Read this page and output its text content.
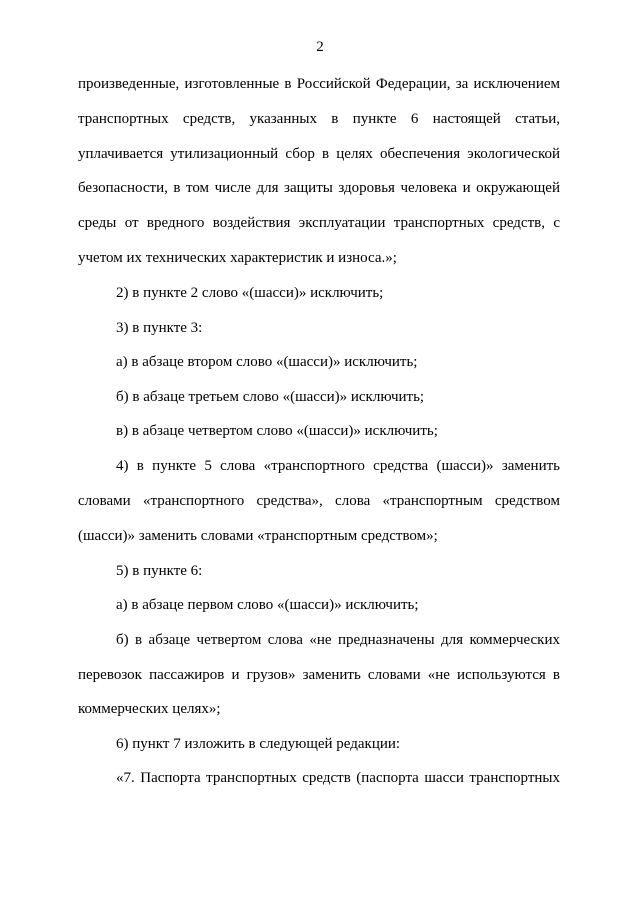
2
произведенные, изготовленные в Российской Федерации, за исключением
транспортных средств, указанных в пункте 6 настоящей статьи,
уплачивается утилизационный сбор в целях обеспечения экологической
безопасности, в том числе для защиты здоровья человека и окружающей
среды от вредного воздействия эксплуатации транспортных средств, с
учетом их технических характеристик и износа.»;
2) в пункте 2 слово «(шасси)» исключить;
3) в пункте 3:
а) в абзаце втором слово «(шасси)» исключить;
б) в абзаце третьем слово «(шасси)» исключить;
в) в абзаце четвертом слово «(шасси)» исключить;
4) в пункте 5 слова «транспортного средства (шасси)» заменить
словами «транспортного средства», слова «транспортным средством
(шасси)» заменить словами «транспортным средством»;
5) в пункте 6:
а) в абзаце первом слово «(шасси)» исключить;
б) в абзаце четвертом слова «не предназначены для коммерческих
перевозок пассажиров и грузов» заменить словами «не используются в
коммерческих целях»;
6) пункт 7 изложить в следующей редакции:
«7. Паспорта транспортных средств (паспорта шасси транспортных
